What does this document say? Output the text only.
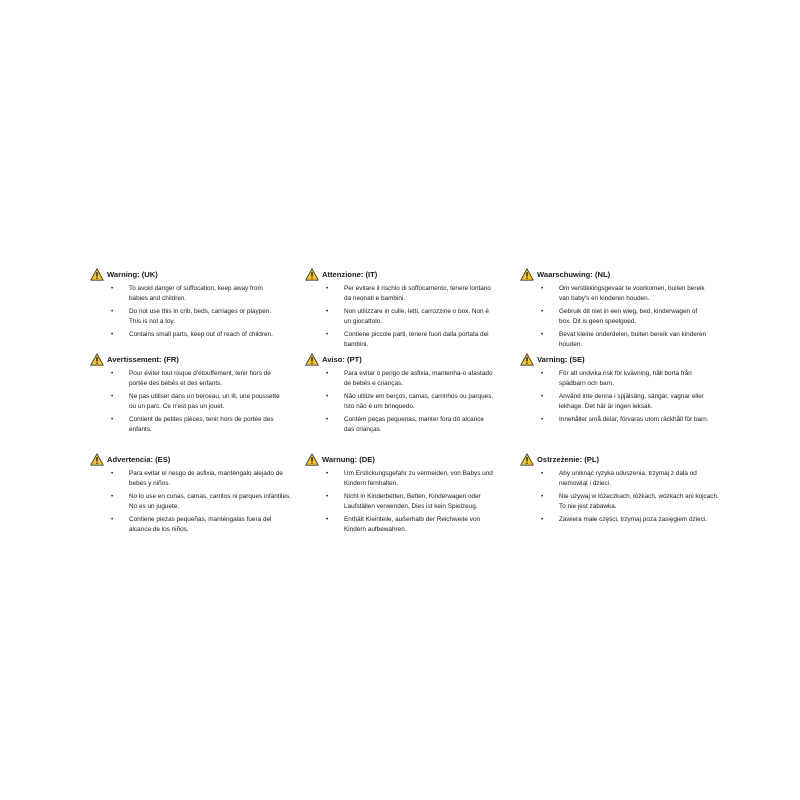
Warning: (UK)
• To avoid danger of suffocation, keep away from babies and children.
• Do not use this in crib, beds, carriages or playpen. This is not a toy.
• Contains small parts, keep out of reach of children.
Attenzione: (IT)
• Per evitare il rischio di soffocamento, tenere lontano da neonati e bambini.
• Non utilizzare in culle, letti, carrozzine o box. Non è un giocattolo.
• Contiene piccole parti, tenere fuori dalla portata dei bambini.
Waarschuwing: (NL)
• Om verstikkingsgevaar te voorkomen, buiten bereik van baby's en kinderen houden.
• Gebruik dit niet in een wieg, bed, kinderwagen of box. Dit is geen speelgoed.
• Bevat kleine onderdelen, buiten bereik van kinderen houden.
Avertissement: (FR)
• Pour éviter tout risque d'étouffement, tenir hors de portée des bébés et des enfants.
• Ne pas utiliser dans un berceau, un lit, une poussette ou un parc. Ce n'est pas un jouet.
• Contient de petites pièces, tenir hors de portée des enfants.
Aviso: (PT)
• Para evitar o perigo de asfixia, mantenha-o afastado de bebés e crianças.
• Não utilize em berços, camas, carrinhos ou parques. Isto não é um brinquedo.
• Contém peças pequenas, manter fora do alcance das crianças.
Varning: (SE)
• För att undvika risk för kvävning, håll borta från spädbarn och barn.
• Använd inte denna i spjälsäng, sängar, vagnar eller lekhage. Det här är ingen leksak.
• Innehåller små delar, förvaras utom räckhåll för barn.
Advertencia: (ES)
• Para evitar el riesgo de asfixia, manténgalo alejado de bebés y niños.
• No lo use en cunas, camas, carritos ni parques infantiles. No es un juguete.
• Contiene piezas pequeñas, manténgalas fuera del alcance de los niños.
Warnung: (DE)
• Um Erstickungsgefahr zu vermeiden, von Babys und Kindern fernhalten.
• Nicht in Kinderbetten, Betten, Kinderwagen oder Laufställen verwenden. Dies ist kein Spielzeug.
• Enthält Kleinteile, außerhalb der Reichweite von Kindern aufbewahren.
Ostrzeżenie: (PL)
• Aby uniknąć ryzyka uduszenia, trzymaj z dala od niemowląt i dzieci.
• Nie używaj w łóżeczkach, łóżkach, wózkach ani kojcach. To nie jest zabawka.
• Zawiera małe części, trzymaj poza zasięgiem dzieci.
